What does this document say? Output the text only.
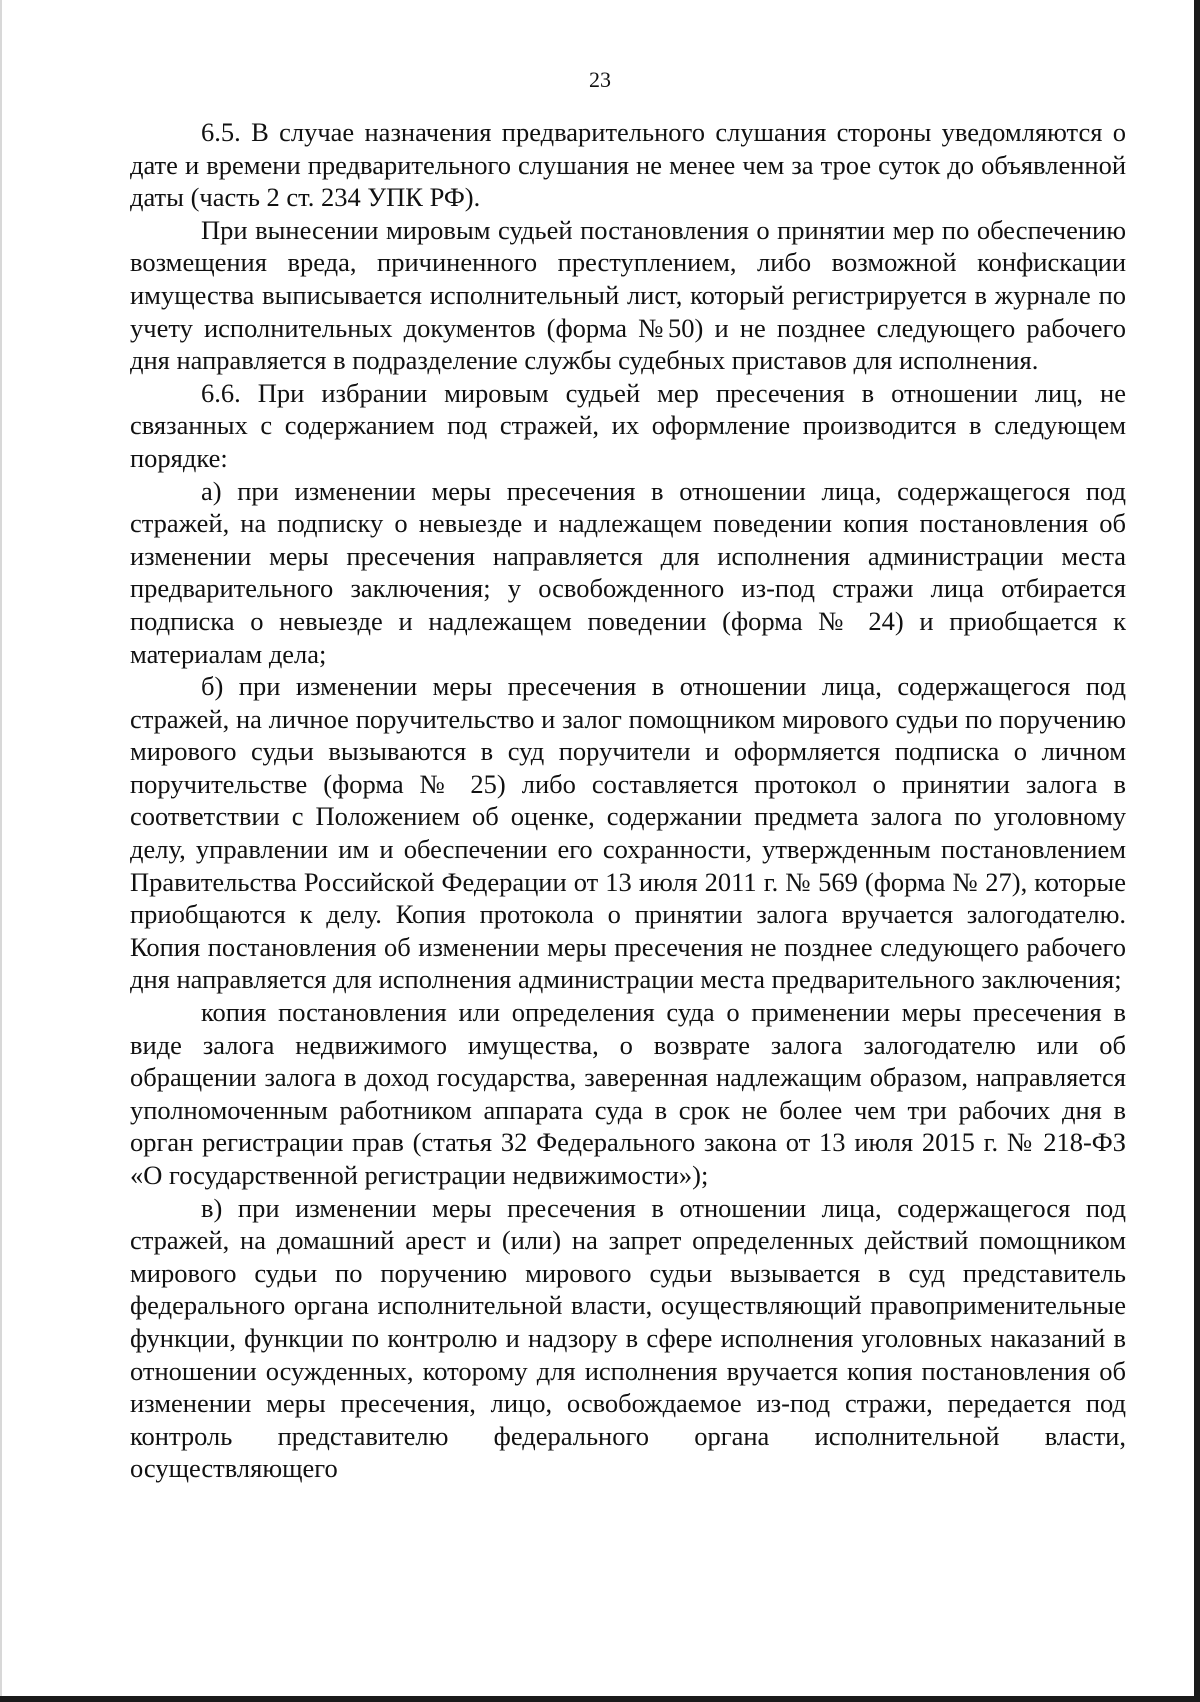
23

6.5. В случае назначения предварительного слушания стороны уведомляются о дате и времени предварительного слушания не менее чем за трое суток до объявленной даты (часть 2 ст. 234 УПК РФ).

При вынесении мировым судьей постановления о принятии мер по обеспечению возмещения вреда, причиненного преступлением, либо возможной конфискации имущества выписывается исполнительный лист, который регистрируется в журнале по учету исполнительных документов (форма №50) и не позднее следующего рабочего дня направляется в подразделение службы судебных приставов для исполнения.

6.6. При избрании мировым судьей мер пресечения в отношении лиц, не связанных с содержанием под стражей, их оформление производится в следующем порядке:

а) при изменении меры пресечения в отношении лица, содержащегося под стражей, на подписку о невыезде и надлежащем поведении копия постановления об изменении меры пресечения направляется для исполнения администрации места предварительного заключения; у освобожденного из-под стражи лица отбирается подписка о невыезде и надлежащем поведении (форма № 24) и приобщается к материалам дела;

б) при изменении меры пресечения в отношении лица, содержащегося под стражей, на личное поручительство и залог помощником мирового судьи по поручению мирового судьи вызываются в суд поручители и оформляется подписка о личном поручительстве (форма № 25) либо составляется протокол о принятии залога в соответствии с Положением об оценке, содержании предмета залога по уголовному делу, управлении им и обеспечении его сохранности, утвержденным постановлением Правительства Российской Федерации от 13 июля 2011 г. № 569 (форма № 27), которые приобщаются к делу. Копия протокола о принятии залога вручается залогодателю. Копия постановления об изменении меры пресечения не позднее следующего рабочего дня направляется для исполнения администрации места предварительного заключения;

копия постановления или определения суда о применении меры пресечения в виде залога недвижимого имущества, о возврате залога залогодателю или об обращении залога в доход государства, заверенная надлежащим образом, направляется уполномоченным работником аппарата суда в срок не более чем три рабочих дня в орган регистрации прав (статья 32 Федерального закона от 13 июля 2015 г. № 218-ФЗ «О государственной регистрации недвижимости»);

в) при изменении меры пресечения в отношении лица, содержащегося под стражей, на домашний арест и (или) на запрет определенных действий помощником мирового судьи по поручению мирового судьи вызывается в суд представитель федерального органа исполнительной власти, осуществляющий правоприменительные функции, функции по контролю и надзору в сфере исполнения уголовных наказаний в отношении осужденных, которому для исполнения вручается копия постановления об изменении меры пресечения, лицо, освобождаемое из-под стражи, передается под контроль представителю федерального органа исполнительной власти, осуществляющего
